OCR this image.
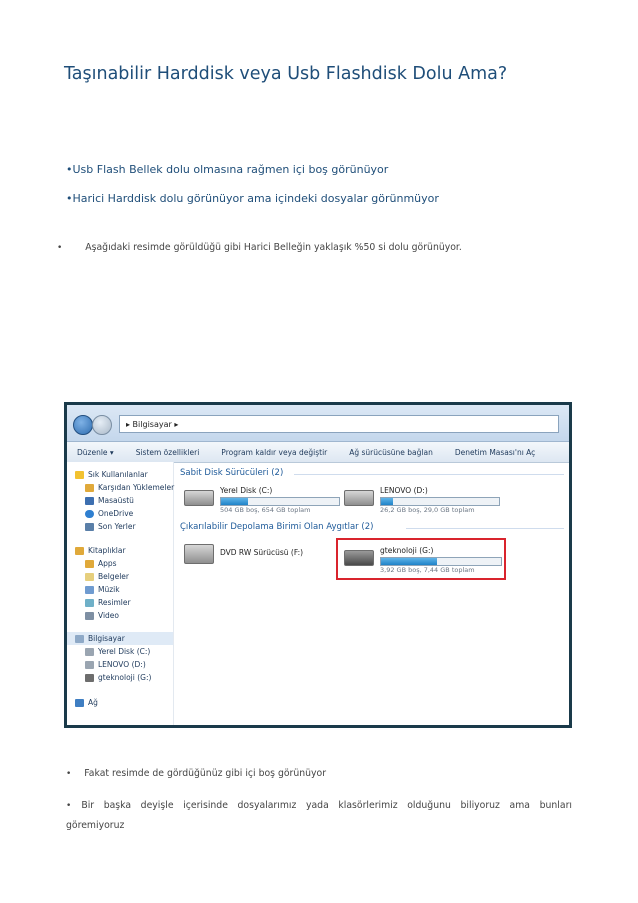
Taşınabilir Harddisk veya Usb Flashdisk Dolu Ama?
•Usb Flash Bellek dolu olmasına rağmen içi boş görünüyor
•Harici Harddisk dolu görünüyor ama içindeki dosyalar görünmüyor
• Aşağıdaki resimde görüldüğü gibi Harici Belleğin yaklaşık %50 si dolu görünüyor.
▸ Bilgisayar ▸
Düzenle ▾	Sistem özellikleri	Program kaldır veya değiştir	Ağ sürücüsüne bağlan	Denetim Masası'nı Aç
Sık Kullanılanlar
Karşıdan Yüklemeler
Masaüstü
OneDrive
Son Yerler
Kitaplıklar
Apps
Belgeler
Müzik
Resimler
Video
Bilgisayar
Yerel Disk (C:)
LENOVO (D:)
gteknoloji (G:)
Ağ
Sabit Disk Sürücüleri (2)
Yerel Disk (C:)
504 GB boş, 654 GB toplam
LENOVO (D:)
26,2 GB boş, 29,0 GB toplam
Çıkarılabilir Depolama Birimi Olan Aygıtlar (2)
DVD RW Sürücüsü (F:)	gteknoloji (G:)
3,92 GB boş, 7,44 GB toplam
• Fakat resimde de gördüğünüz gibi içi boş görünüyor
• Bir başka deyişle içerisinde dosyalarımız yada klasörlerimiz olduğunu biliyoruz ama bunları göremiyoruz
